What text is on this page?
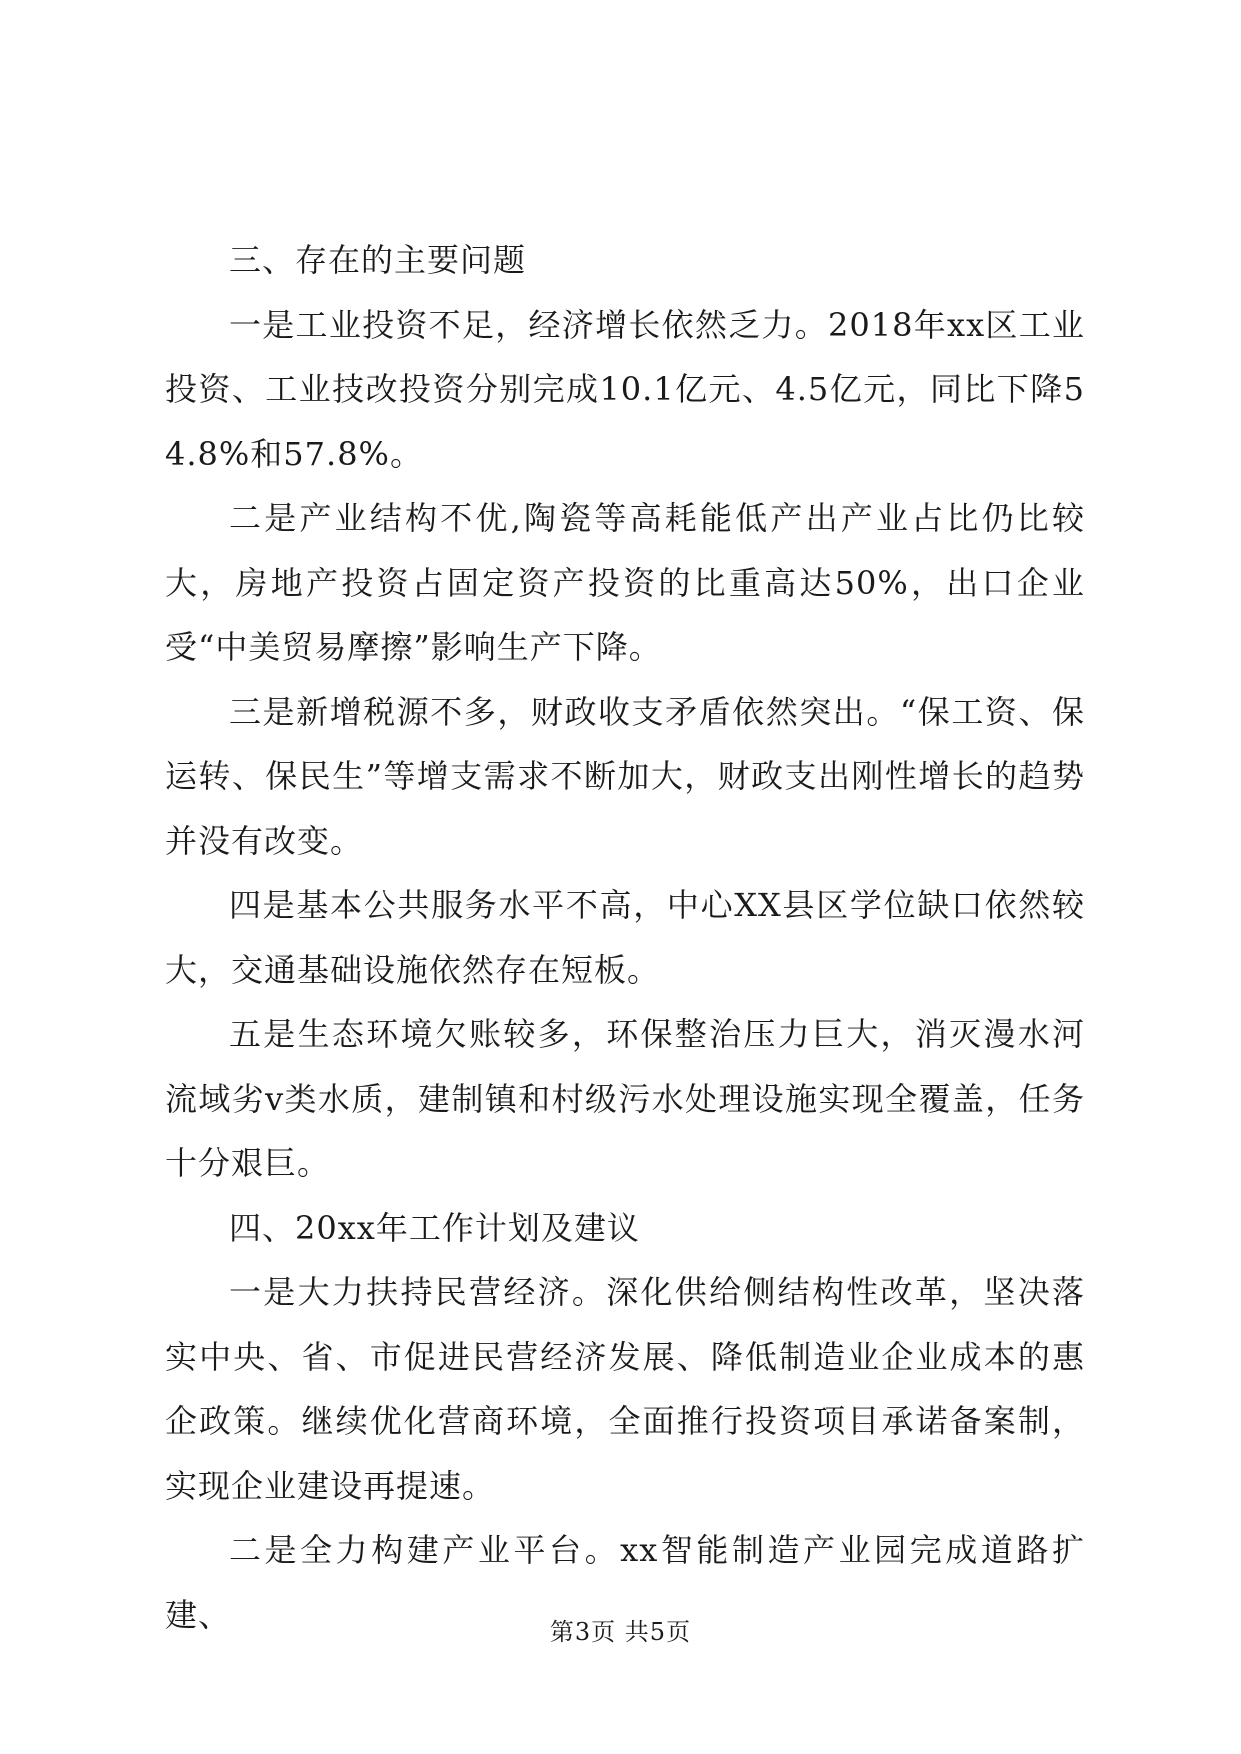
三、存在的主要问题

一是工业投资不足，经济增长依然乏力。2018年xx区工业投资、工业技改投资分别完成10.1亿元、4.5亿元，同比下降54.8%和57.8%。

二是产业结构不优,陶瓷等高耗能低产出产业占比仍比较大，房地产投资占固定资产投资的比重高达50%，出口企业受“中美贸易摩擦”影响生产下降。

三是新增税源不多，财政收支矛盾依然突出。“保工资、保运转、保民生”等增支需求不断加大，财政支出刚性增长的趋势并没有改变。

四是基本公共服务水平不高，中心XX县区学位缺口依然较大，交通基础设施依然存在短板。

五是生态环境欠账较多，环保整治压力巨大，消灭漫水河流域劣v类水质，建制镇和村级污水处理设施实现全覆盖，任务十分艰巨。

四、20xx年工作计划及建议

一是大力扶持民营经济。深化供给侧结构性改革，坚决落实中央、省、市促进民营经济发展、降低制造业企业成本的惠企政策。继续优化营商环境，全面推行投资项目承诺备案制，实现企业建设再提速。

二是全力构建产业平台。xx智能制造产业园完成道路扩建、	第3页 共5页
